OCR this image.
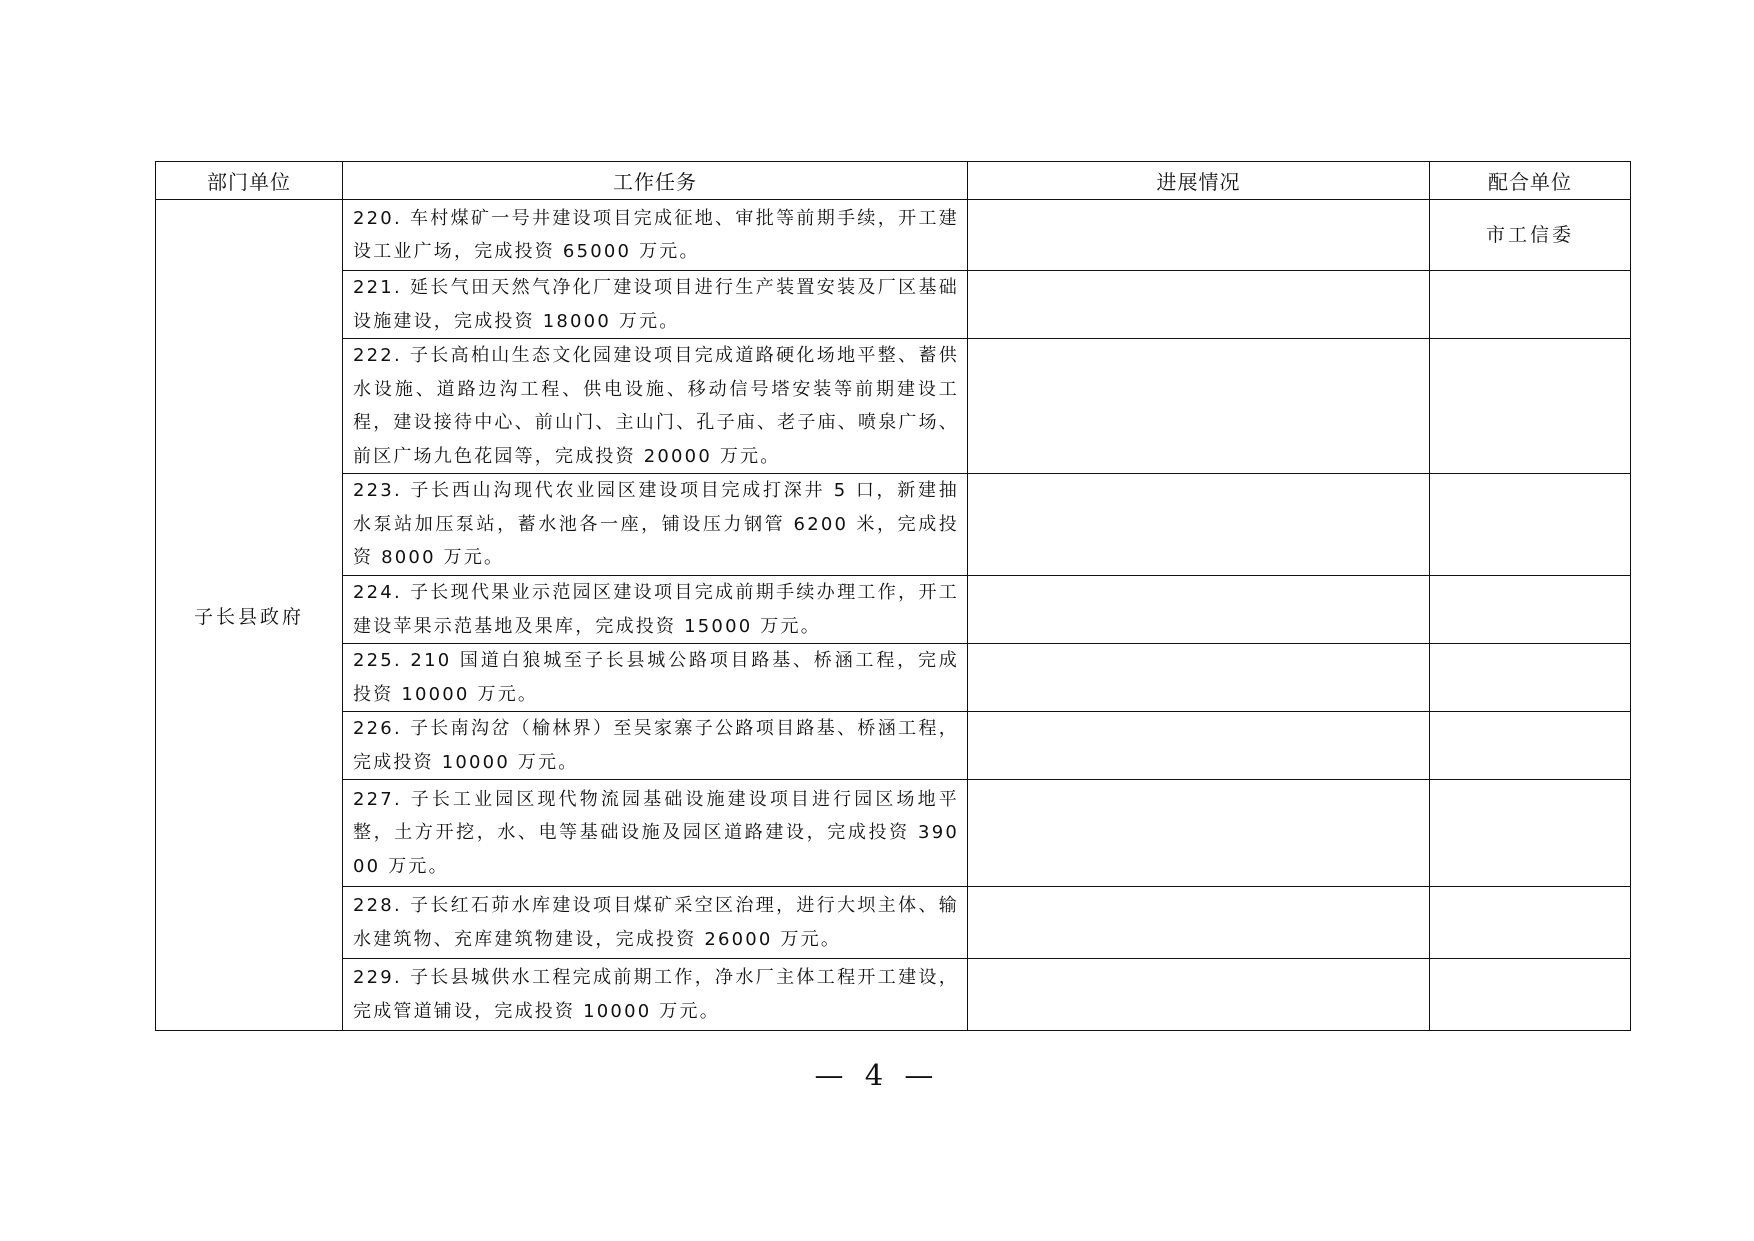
部门单位	工作任务	进展情况	配合单位
子长县政府	220. 车村煤矿一号井建设项目完成征地、审批等前期手续，开工建设工业广场，完成投资 65000 万元。		市工信委
	221. 延长气田天然气净化厂建设项目进行生产装置安装及厂区基础设施建设，完成投资 18000 万元。		
	222. 子长高柏山生态文化园建设项目完成道路硬化场地平整、蓄供水设施、道路边沟工程、供电设施、移动信号塔安装等前期建设工程，建设接待中心、前山门、主山门、孔子庙、老子庙、喷泉广场、前区广场九色花园等，完成投资 20000 万元。		
	223. 子长西山沟现代农业园区建设项目完成打深井 5 口，新建抽水泵站加压泵站，蓄水池各一座，铺设压力钢管 6200 米，完成投资 8000 万元。		
	224. 子长现代果业示范园区建设项目完成前期手续办理工作，开工建设苹果示范基地及果库，完成投资 15000 万元。		
	225. 210 国道白狼城至子长县城公路项目路基、桥涵工程，完成投资 10000 万元。		
	226. 子长南沟岔（榆林界）至吴家寨子公路项目路基、桥涵工程，完成投资 10000 万元。		
	227. 子长工业园区现代物流园基础设施建设项目进行园区场地平整，土方开挖，水、电等基础设施及园区道路建设，完成投资 39000 万元。		
	228. 子长红石茆水库建设项目煤矿采空区治理，进行大坝主体、输水建筑物、充库建筑物建设，完成投资 26000 万元。		
	229. 子长县城供水工程完成前期工作，净水厂主体工程开工建设，完成管道铺设，完成投资 10000 万元。		
— 4 —
